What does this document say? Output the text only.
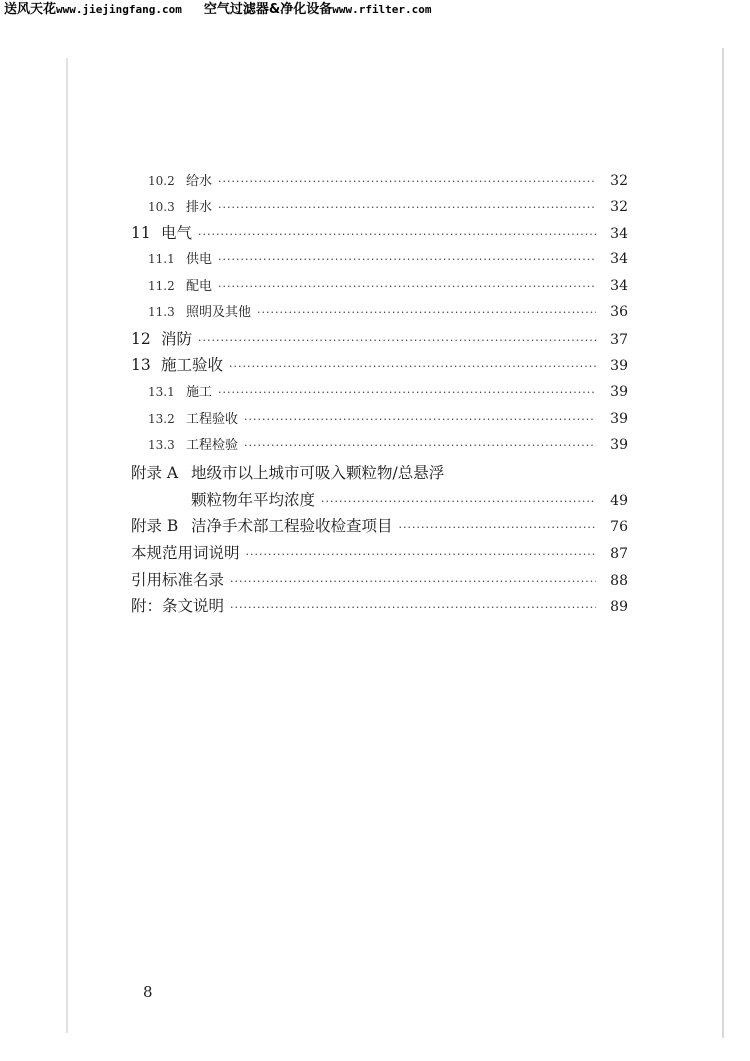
送风天花www.jiejingfang.com 空气过滤器&净化设备www.rfilter.com
10.2 给水 ·····	32
10.3 排水 ·····	32
11 电气 ·····	34
11.1 供电 ·····	34
11.2 配电 ·····	34
11.3 照明及其他 ·····	36
12 消防 ·····	37
13 施工验收 ·····	39
13.1 施工 ·····	39
13.2 工程验收 ·····	39
13.3 工程检验 ·····	39
附录 A 地级市以上城市可吸入颗粒物/总悬浮
颗粒物年平均浓度 ·····	49
附录 B 洁净手术部工程验收检查项目 ·····	76
本规范用词说明 ·····	87
引用标准名录 ·····	88
附：条文说明 ·····	89
8
